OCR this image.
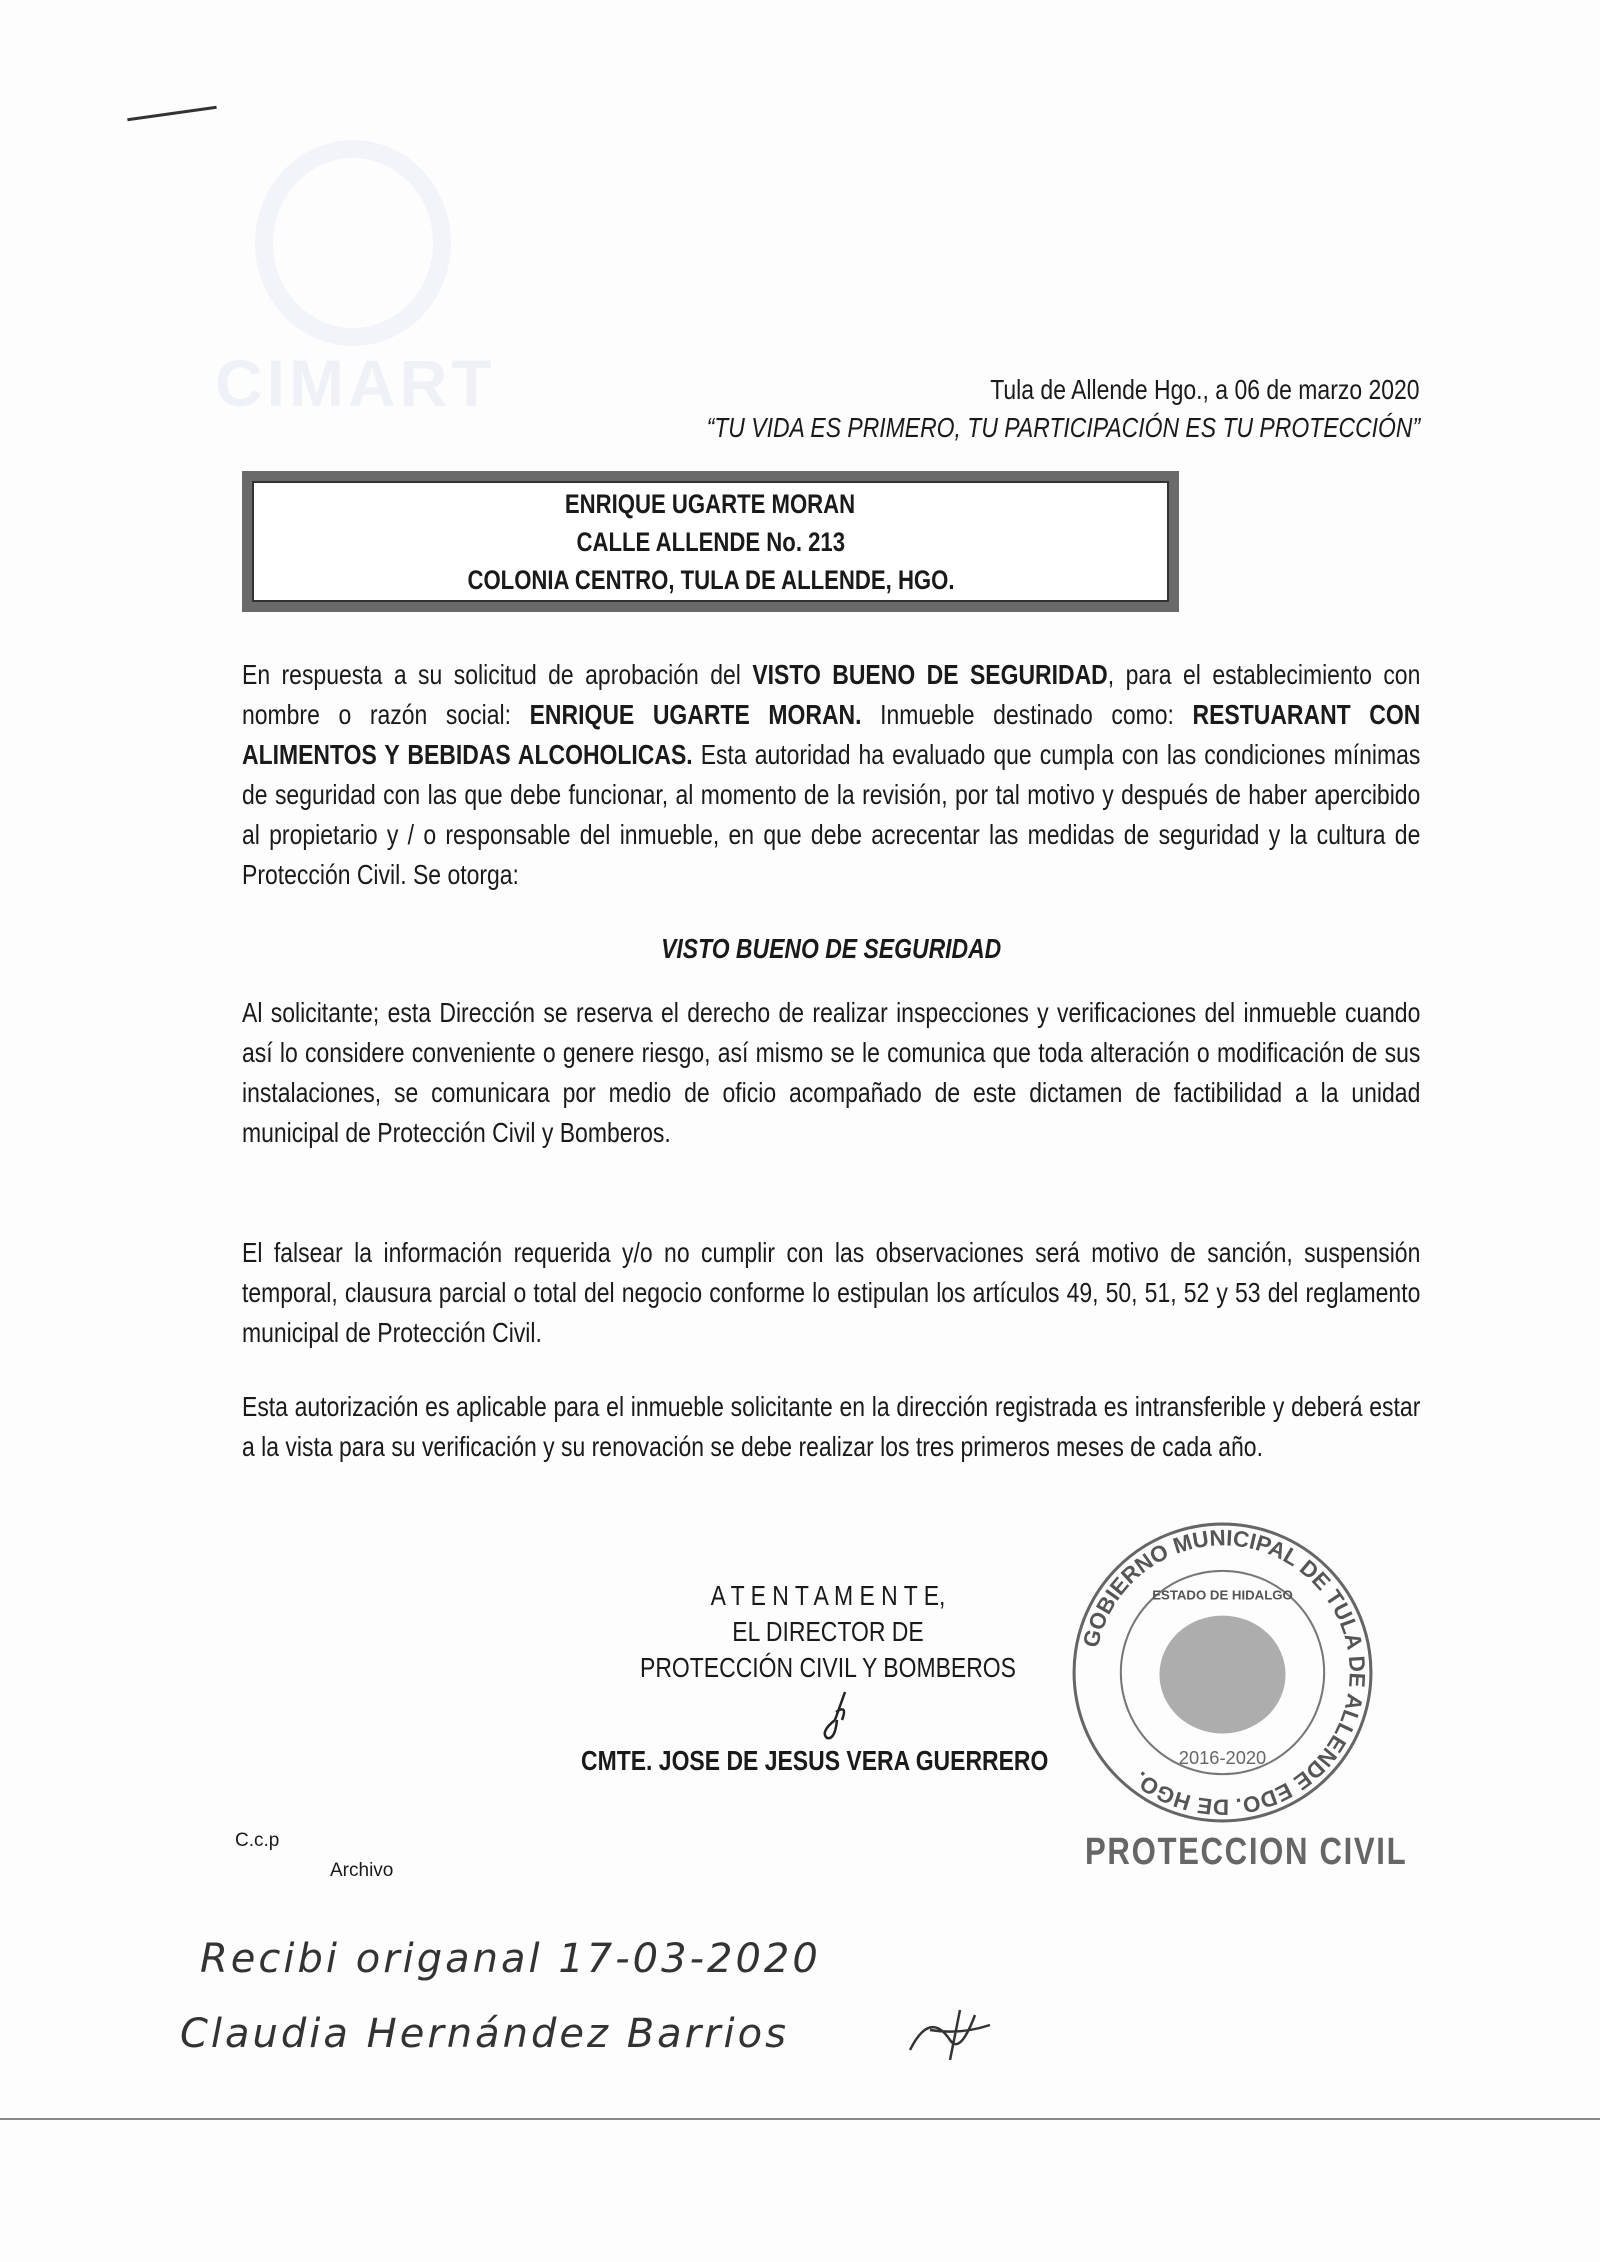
CIMART	Tula de Allende Hgo., a 06 de marzo 2020
“TU VIDA ES PRIMERO, TU PARTICIPACIÓN ES TU PROTECCIÓN”
ENRIQUE UGARTE MORAN
CALLE ALLENDE No. 213
COLONIA CENTRO, TULA DE ALLENDE, HGO.

En respuesta a su solicitud de aprobación del VISTO BUENO DE SEGURIDAD, para el establecimiento con nombre o razón social: ENRIQUE UGARTE MORAN. Inmueble destinado como: RESTUARANT CON ALIMENTOS Y BEBIDAS ALCOHOLICAS. Esta autoridad ha evaluado que cumpla con las condiciones mínimas de seguridad con las que debe funcionar, al momento de la revisión, por tal motivo y después de haber apercibido al propietario y / o responsable del inmueble, en que debe acrecentar las medidas de seguridad y la cultura de Protección Civil. Se otorga:

VISTO BUENO DE SEGURIDAD

Al solicitante; esta Dirección se reserva el derecho de realizar inspecciones y verificaciones del inmueble cuando así lo considere conveniente o genere riesgo, así mismo se le comunica que toda alteración o modificación de sus instalaciones, se comunicara por medio de oficio acompañado de este dictamen de factibilidad a la unidad municipal de Protección Civil y Bomberos.

El falsear la información requerida y/o no cumplir con las observaciones será motivo de sanción, suspensión temporal, clausura parcial o total del negocio conforme lo estipulan los artículos 49, 50, 51, 52 y 53 del reglamento municipal de Protección Civil.

Esta autorización es aplicable para el inmueble solicitante en la dirección registrada es intransferible y deberá estar a la vista para su verificación y su renovación se debe realizar los tres primeros meses de cada año.

A T E N T A M E N T E,
EL DIRECTOR DE
PROTECCIÓN CIVIL Y BOMBEROS
CMTE. JOSE DE JESUS VERA GUERRERO
GOBIERNO MUNICIPAL DE TULA DE ALLENDE EDO. DE HGO.
ESTADO DE HIDALGO
2016-2020
PROTECCION CIVIL
C.c.p
Archivo
Recibi origanal 17-03-2020
Claudia Hernández Barrios
